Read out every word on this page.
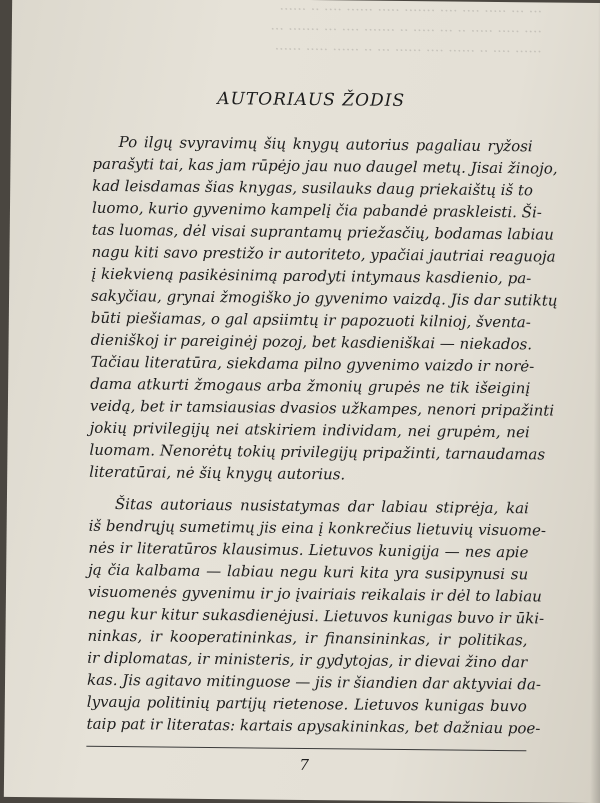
··· ··· ····· ···· ···· ······· ····· ······ ···· ·· ······
···· ····· ····· ·· ··· ····· ·· ······· ···· ··· ······· ···
······ ···· ·· ······ ···· ······ ··· ·· ······ ····· ······
AUTORIAUS ŽODIS
Po ilgų svyravimų šių knygų autorius pagaliau ryžosi
parašyti tai, kas jam rūpėjo jau nuo daugel metų. Jisai žinojo,
kad leisdamas šias knygas, susilauks daug priekaištų iš to
luomo, kurio gyvenimo kampelį čia pabandė praskleisti. Ši-
tas luomas, dėl visai suprantamų priežasčių, bodamas labiau
nagu kiti savo prestižo ir autoriteto, ypačiai jautriai reaguoja
į kiekvieną pasikėsinimą parodyti intymaus kasdienio, pa-
sakyčiau, grynai žmogiško jo gyvenimo vaizdą. Jis dar sutiktų
būti piešiamas, o gal apsiimtų ir papozuoti kilnioj, šventa-
dieniškoj ir pareiginėj pozoj, bet kasdieniškai — niekados.
Tačiau literatūra, siekdama pilno gyvenimo vaizdo ir norė-
dama atkurti žmogaus arba žmonių grupės ne tik išeiginį
veidą, bet ir tamsiausias dvasios užkampes, nenori pripažinti
jokių privilegijų nei atskiriem individam, nei grupėm, nei
luomam. Nenorėtų tokių privilegijų pripažinti, tarnaudamas
literatūrai, nė šių knygų autorius.
Šitas autoriaus nusistatymas dar labiau stiprėja, kai
iš bendrųjų sumetimų jis eina į konkrečius lietuvių visuome-
nės ir literatūros klausimus. Lietuvos kunigija — nes apie
ją čia kalbama — labiau negu kuri kita yra susipynusi su
visuomenės gyvenimu ir jo įvairiais reikalais ir dėl to labiau
negu kur kitur sukasdienėjusi. Lietuvos kunigas buvo ir ūki-
ninkas, ir kooperatininkas, ir finansininkas, ir politikas,
ir diplomatas, ir ministeris, ir gydytojas, ir dievai žino dar
kas. Jis agitavo mitinguose — jis ir šiandien dar aktyviai da-
lyvauja politinių partijų rietenose. Lietuvos kunigas buvo
taip pat ir literatas: kartais apysakininkas, bet dažniau poe-
7
